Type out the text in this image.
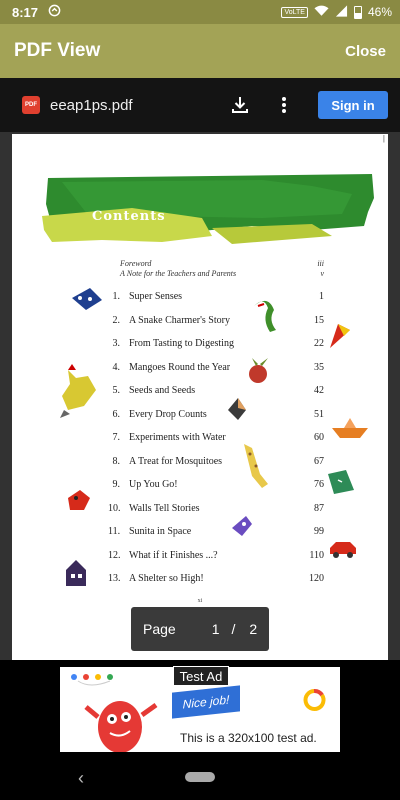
8:17	VoLTE	46%
PDF View	Close
PDF eeap1ps.pdf	Sign in
|
Contents
Foreword	iii
A Note for the Teachers and Parents	v
1. Super Senses	1
2. A Snake Charmer's Story	15
3. From Tasting to Digesting	22
4. Mangoes Round the Year	35
5. Seeds and Seeds	42
6. Every Drop Counts	51
7. Experiments with Water	60
8. A Treat for Mosquitoes	67
9. Up You Go!	76
10. Walls Tell Stories	87
11. Sunita in Space	99
12. What if it Finishes ...?	110
13. A Shelter so High!	120
xi
Page	1 / 2
Nice job!
This is a 320x100 test ad.
Test Ad
‹
